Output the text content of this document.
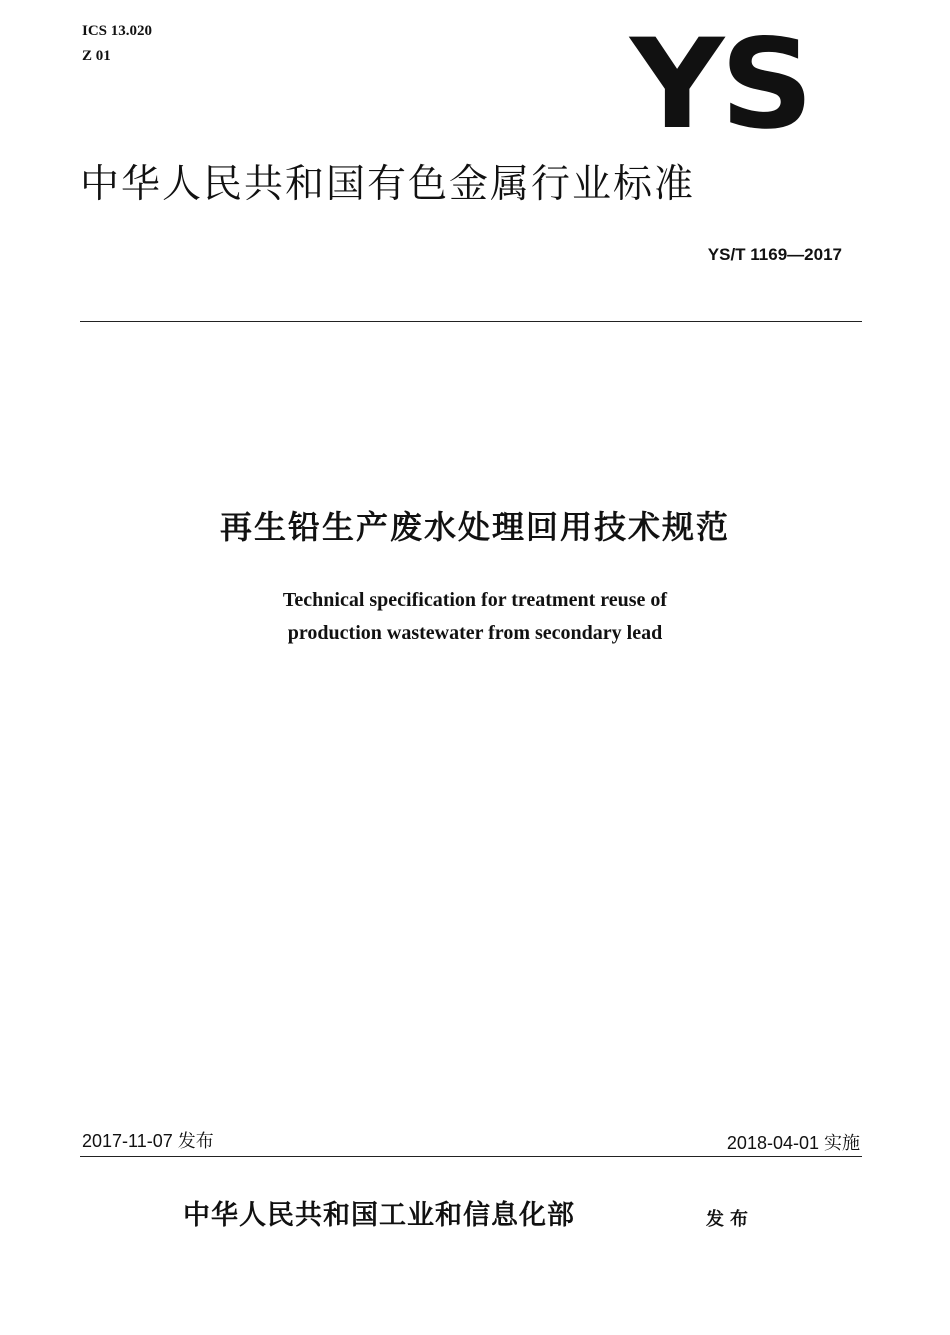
ICS 13.020
Z 01	YS
中华人民共和国有色金属行业标准
YS/T 1169—2017
再生铅生产废水处理回用技术规范
Technical specification for treatment reuse of
production wastewater from secondary lead
2017-11-07 发布	2018-04-01 实施
中华人民共和国工业和信息化部	发布
